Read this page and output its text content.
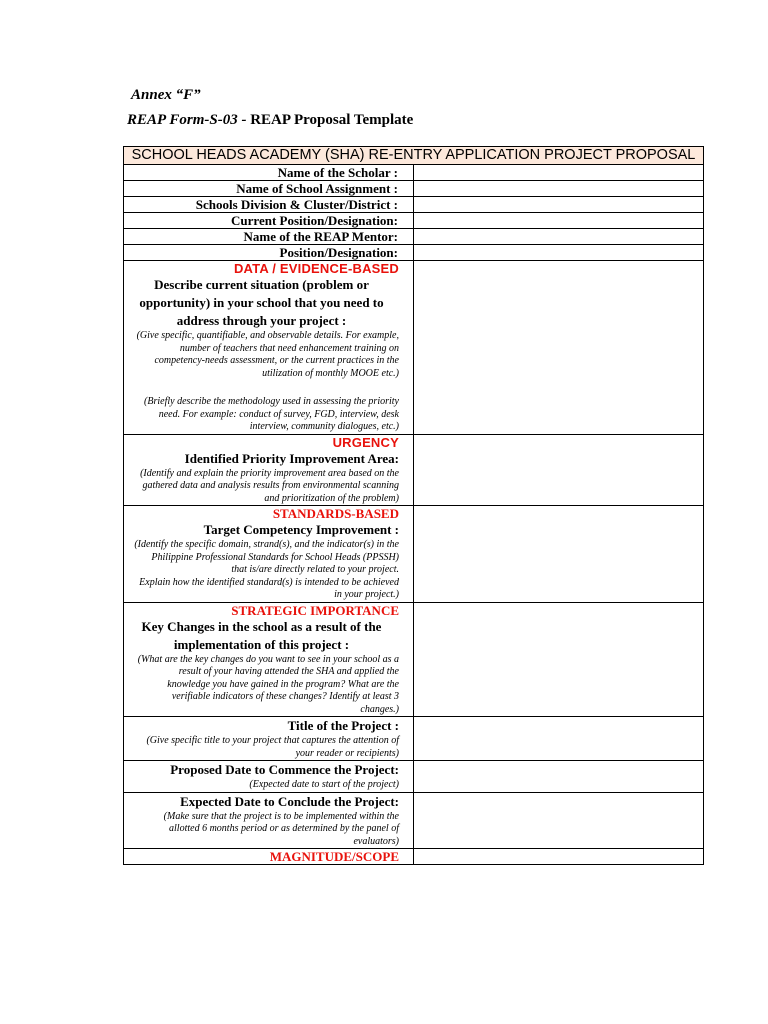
Annex “F”
REAP Form-S-03 - REAP Proposal Template
SCHOOL HEADS ACADEMY (SHA) RE-ENTRY APPLICATION PROJECT PROPOSAL	
Name of the Scholar :	
Name of School Assignment :	
Schools Division & Cluster/District :	
Current Position/Designation:	
Name of the REAP Mentor:	
Position/Designation:	

DATA / EVIDENCE-BASED
Describe current situation (problem or opportunity) in your school that you need to address through your project :
(Give specific, quantifiable, and observable details. For example, number of teachers that need enhancement training on competency-needs assessment, or the current practices in the utilization of monthly MOOE etc.)
(Briefly describe the methodology used in assessing the priority need. For example: conduct of survey, FGD, interview, desk interview, community dialogues, etc.)	

URGENCY
Identified Priority Improvement Area:
(Identify and explain the priority improvement area based on the gathered data and analysis results from environmental scanning and prioritization of the problem)	

STANDARDS-BASED
Target Competency Improvement :
(Identify the specific domain, strand(s), and the indicator(s) in the Philippine Professional Standards for School Heads (PPSSH) that is/are directly related to your project.
Explain how the identified standard(s) is intended to be achieved in your project.)	

STRATEGIC IMPORTANCE
Key Changes in the school as a result of the implementation of this project :
(What are the key changes do you want to see in your school as a result of your having attended the SHA and applied the knowledge you have gained in the program? What are the verifiable indicators of these changes? Identify at least 3 changes.)	

Title of the Project :
(Give specific title to your project that captures the attention of your reader or recipients)	

Proposed Date to Commence the Project:
(Expected date to start of the project)	

Expected Date to Conclude the Project:
(Make sure that the project is to be implemented within the allotted 6 months period or as determined by the panel of evaluators)	

MAGNITUDE/SCOPE	
